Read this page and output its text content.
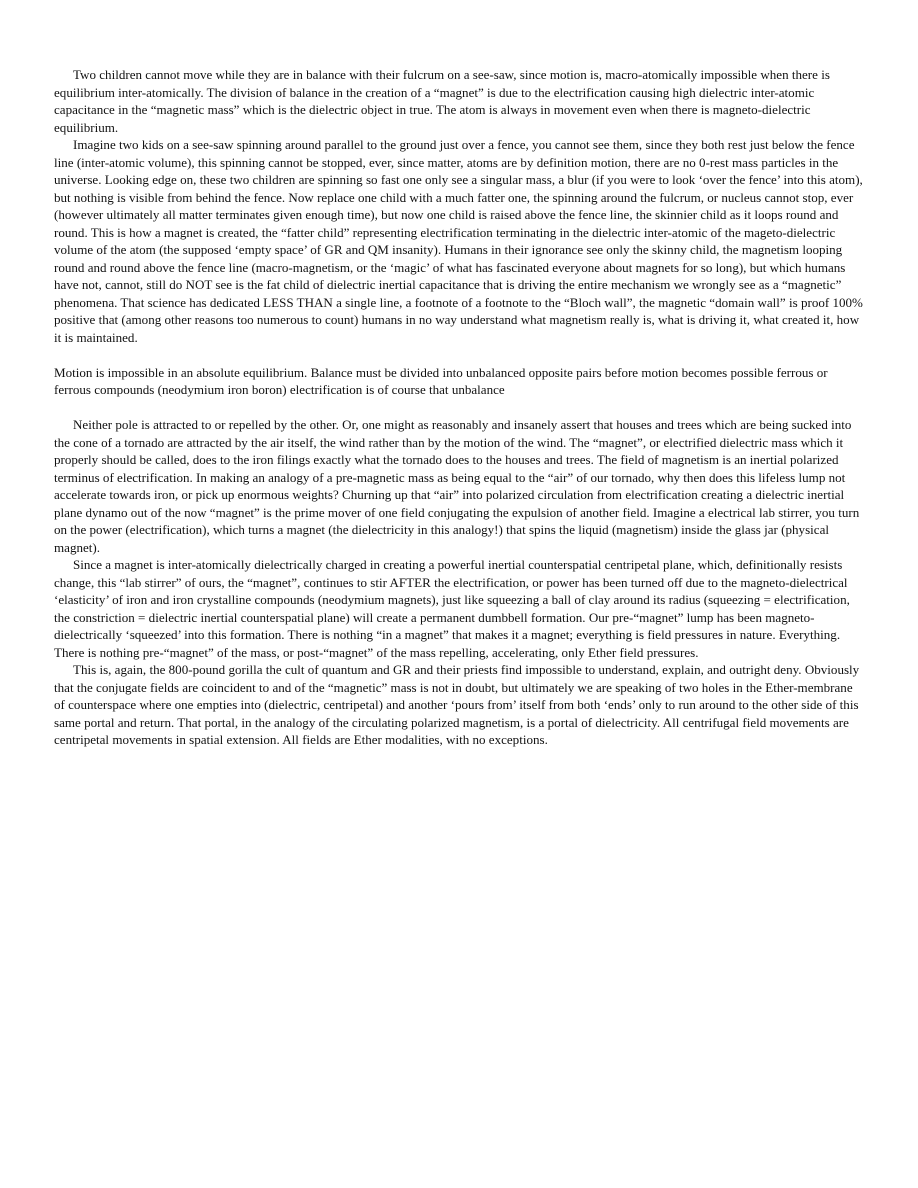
Two children cannot move while they are in balance with their fulcrum on a see-saw, since motion is, macro-atomically impossible when there is equilibrium inter-atomically. The division of balance in the creation of a “magnet” is due to the electrification causing high dielectric inter-atomic capacitance in the “magnetic mass” which is the dielectric object in true. The atom is always in movement even when there is magneto-dielectric equilibrium.

Imagine two kids on a see-saw spinning around parallel to the ground just over a fence, you cannot see them, since they both rest just below the fence line (inter-atomic volume), this spinning cannot be stopped, ever, since matter, atoms are by definition motion, there are no 0-rest mass particles in the universe. Looking edge on, these two children are spinning so fast one only see a singular mass, a blur (if you were to look ‘over the fence’ into this atom), but nothing is visible from behind the fence. Now replace one child with a much fatter one, the spinning around the fulcrum, or nucleus cannot stop, ever (however ultimately all matter terminates given enough time), but now one child is raised above the fence line, the skinnier child as it loops round and round. This is how a magnet is created, the “fatter child” representing electrification terminating in the dielectric inter-atomic of the mageto-dielectric volume of the atom (the supposed ‘empty space’ of GR and QM insanity). Humans in their ignorance see only the skinny child, the magnetism looping round and round above the fence line (macro-magnetism, or the ‘magic’ of what has fascinated everyone about magnets for so long), but which humans have not, cannot, still do NOT see is the fat child of dielectric inertial capacitance that is driving the entire mechanism we wrongly see as a “magnetic” phenomena. That science has dedicated LESS THAN a single line, a footnote of a footnote to the “Bloch wall”, the magnetic “domain wall” is proof 100% positive that (among other reasons too numerous to count) humans in no way understand what magnetism really is, what is driving it, what created it, how it is maintained.

Motion is impossible in an absolute equilibrium. Balance must be divided into unbalanced opposite pairs before motion becomes possible ferrous or ferrous compounds (neodymium iron boron) electrification is of course that unbalance

Neither pole is attracted to or repelled by the other. Or, one might as reasonably and insanely assert that houses and trees which are being sucked into the cone of a tornado are attracted by the air itself, the wind rather than by the motion of the wind. The “magnet”, or electrified dielectric mass which it properly should be called, does to the iron filings exactly what the tornado does to the houses and trees. The field of magnetism is an inertial polarized terminus of electrification. In making an analogy of a pre-magnetic mass as being equal to the “air” of our tornado, why then does this lifeless lump not accelerate towards iron, or pick up enormous weights? Churning up that “air” into polarized circulation from electrification creating a dielectric inertial plane dynamo out of the now “magnet” is the prime mover of one field conjugating the expulsion of another field. Imagine a electrical lab stirrer, you turn on the power (electrification), which turns a magnet (the dielectricity in this analogy!) that spins the liquid (magnetism) inside the glass jar (physical magnet).

Since a magnet is inter-atomically dielectrically charged in creating a powerful inertial counterspatial centripetal plane, which, definitionally resists change, this “lab stirrer” of ours, the “magnet”, continues to stir AFTER the electrification, or power has been turned off due to the magneto-dielectrical ‘elasticity’ of iron and iron crystalline compounds (neodymium magnets), just like squeezing a ball of clay around its radius (squeezing = electrification, the constriction = dielectric inertial counterspatial plane) will create a permanent dumbbell formation. Our pre-“magnet” lump has been magneto-dielectrically ‘squeezed’ into this formation. There is nothing “in a magnet” that makes it a magnet; everything is field pressures in nature. Everything. There is nothing pre-“magnet” of the mass, or post-“magnet” of the mass repelling, accelerating, only Ether field pressures.

This is, again, the 800-pound gorilla the cult of quantum and GR and their priests find impossible to understand, explain, and outright deny. Obviously that the conjugate fields are coincident to and of the “magnetic” mass is not in doubt, but ultimately we are speaking of two holes in the Ether-membrane of counterspace where one empties into (dielectric, centripetal) and another ‘pours from’ itself from both ‘ends’ only to run around to the other side of this same portal and return. That portal, in the analogy of the circulating polarized magnetism, is a portal of dielectricity. All centrifugal field movements are centripetal movements in spatial extension. All fields are Ether modalities, with no exceptions.
